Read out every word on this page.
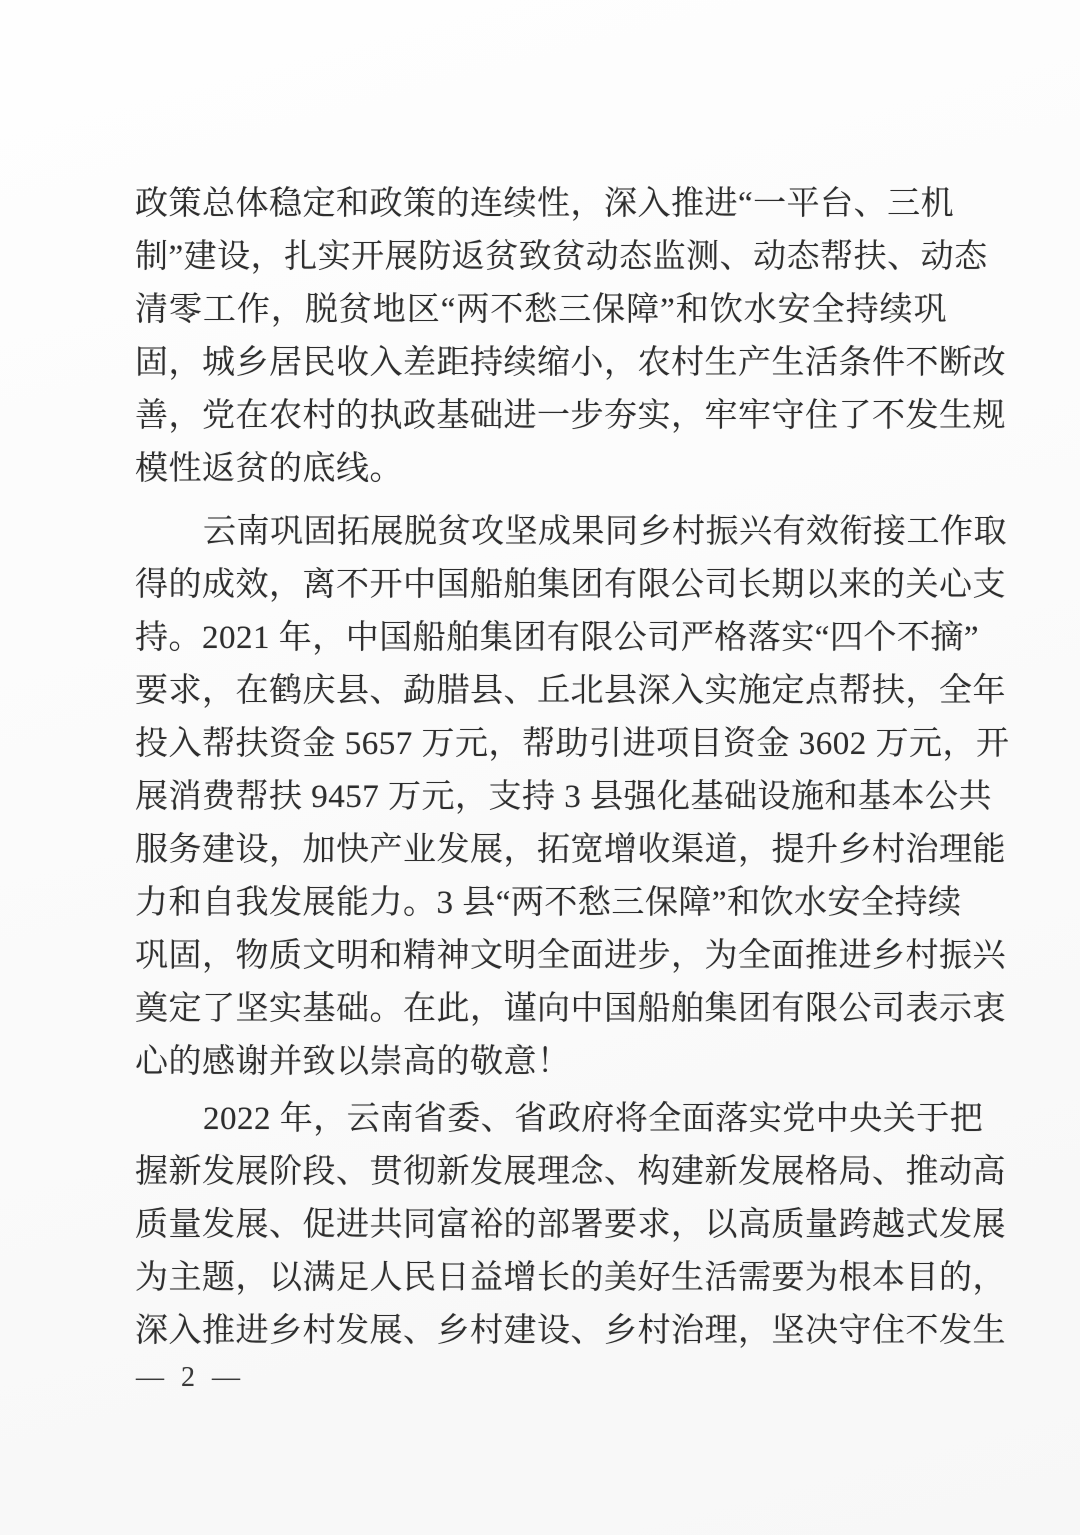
政策总体稳定和政策的连续性，深入推进“一平台、三机
制”建设，扎实开展防返贫致贫动态监测、动态帮扶、动态
清零工作，脱贫地区“两不愁三保障”和饮水安全持续巩
固，城乡居民收入差距持续缩小，农村生产生活条件不断改
善，党在农村的执政基础进一步夯实，牢牢守住了不发生规
模性返贫的底线。
云南巩固拓展脱贫攻坚成果同乡村振兴有效衔接工作取
得的成效，离不开中国船舶集团有限公司长期以来的关心支
持。2021 年，中国船舶集团有限公司严格落实“四个不摘”
要求，在鹤庆县、勐腊县、丘北县深入实施定点帮扶，全年
投入帮扶资金 5657 万元，帮助引进项目资金 3602 万元，开
展消费帮扶 9457 万元，支持 3 县强化基础设施和基本公共
服务建设，加快产业发展，拓宽增收渠道，提升乡村治理能
力和自我发展能力。3 县“两不愁三保障”和饮水安全持续
巩固，物质文明和精神文明全面进步，为全面推进乡村振兴
奠定了坚实基础。在此，谨向中国船舶集团有限公司表示衷
心的感谢并致以崇高的敬意！
2022 年，云南省委、省政府将全面落实党中央关于把
握新发展阶段、贯彻新发展理念、构建新发展格局、推动高
质量发展、促进共同富裕的部署要求，以高质量跨越式发展
为主题，以满足人民日益增长的美好生活需要为根本目的，
深入推进乡村发展、乡村建设、乡村治理，坚决守住不发生
— 2 —
